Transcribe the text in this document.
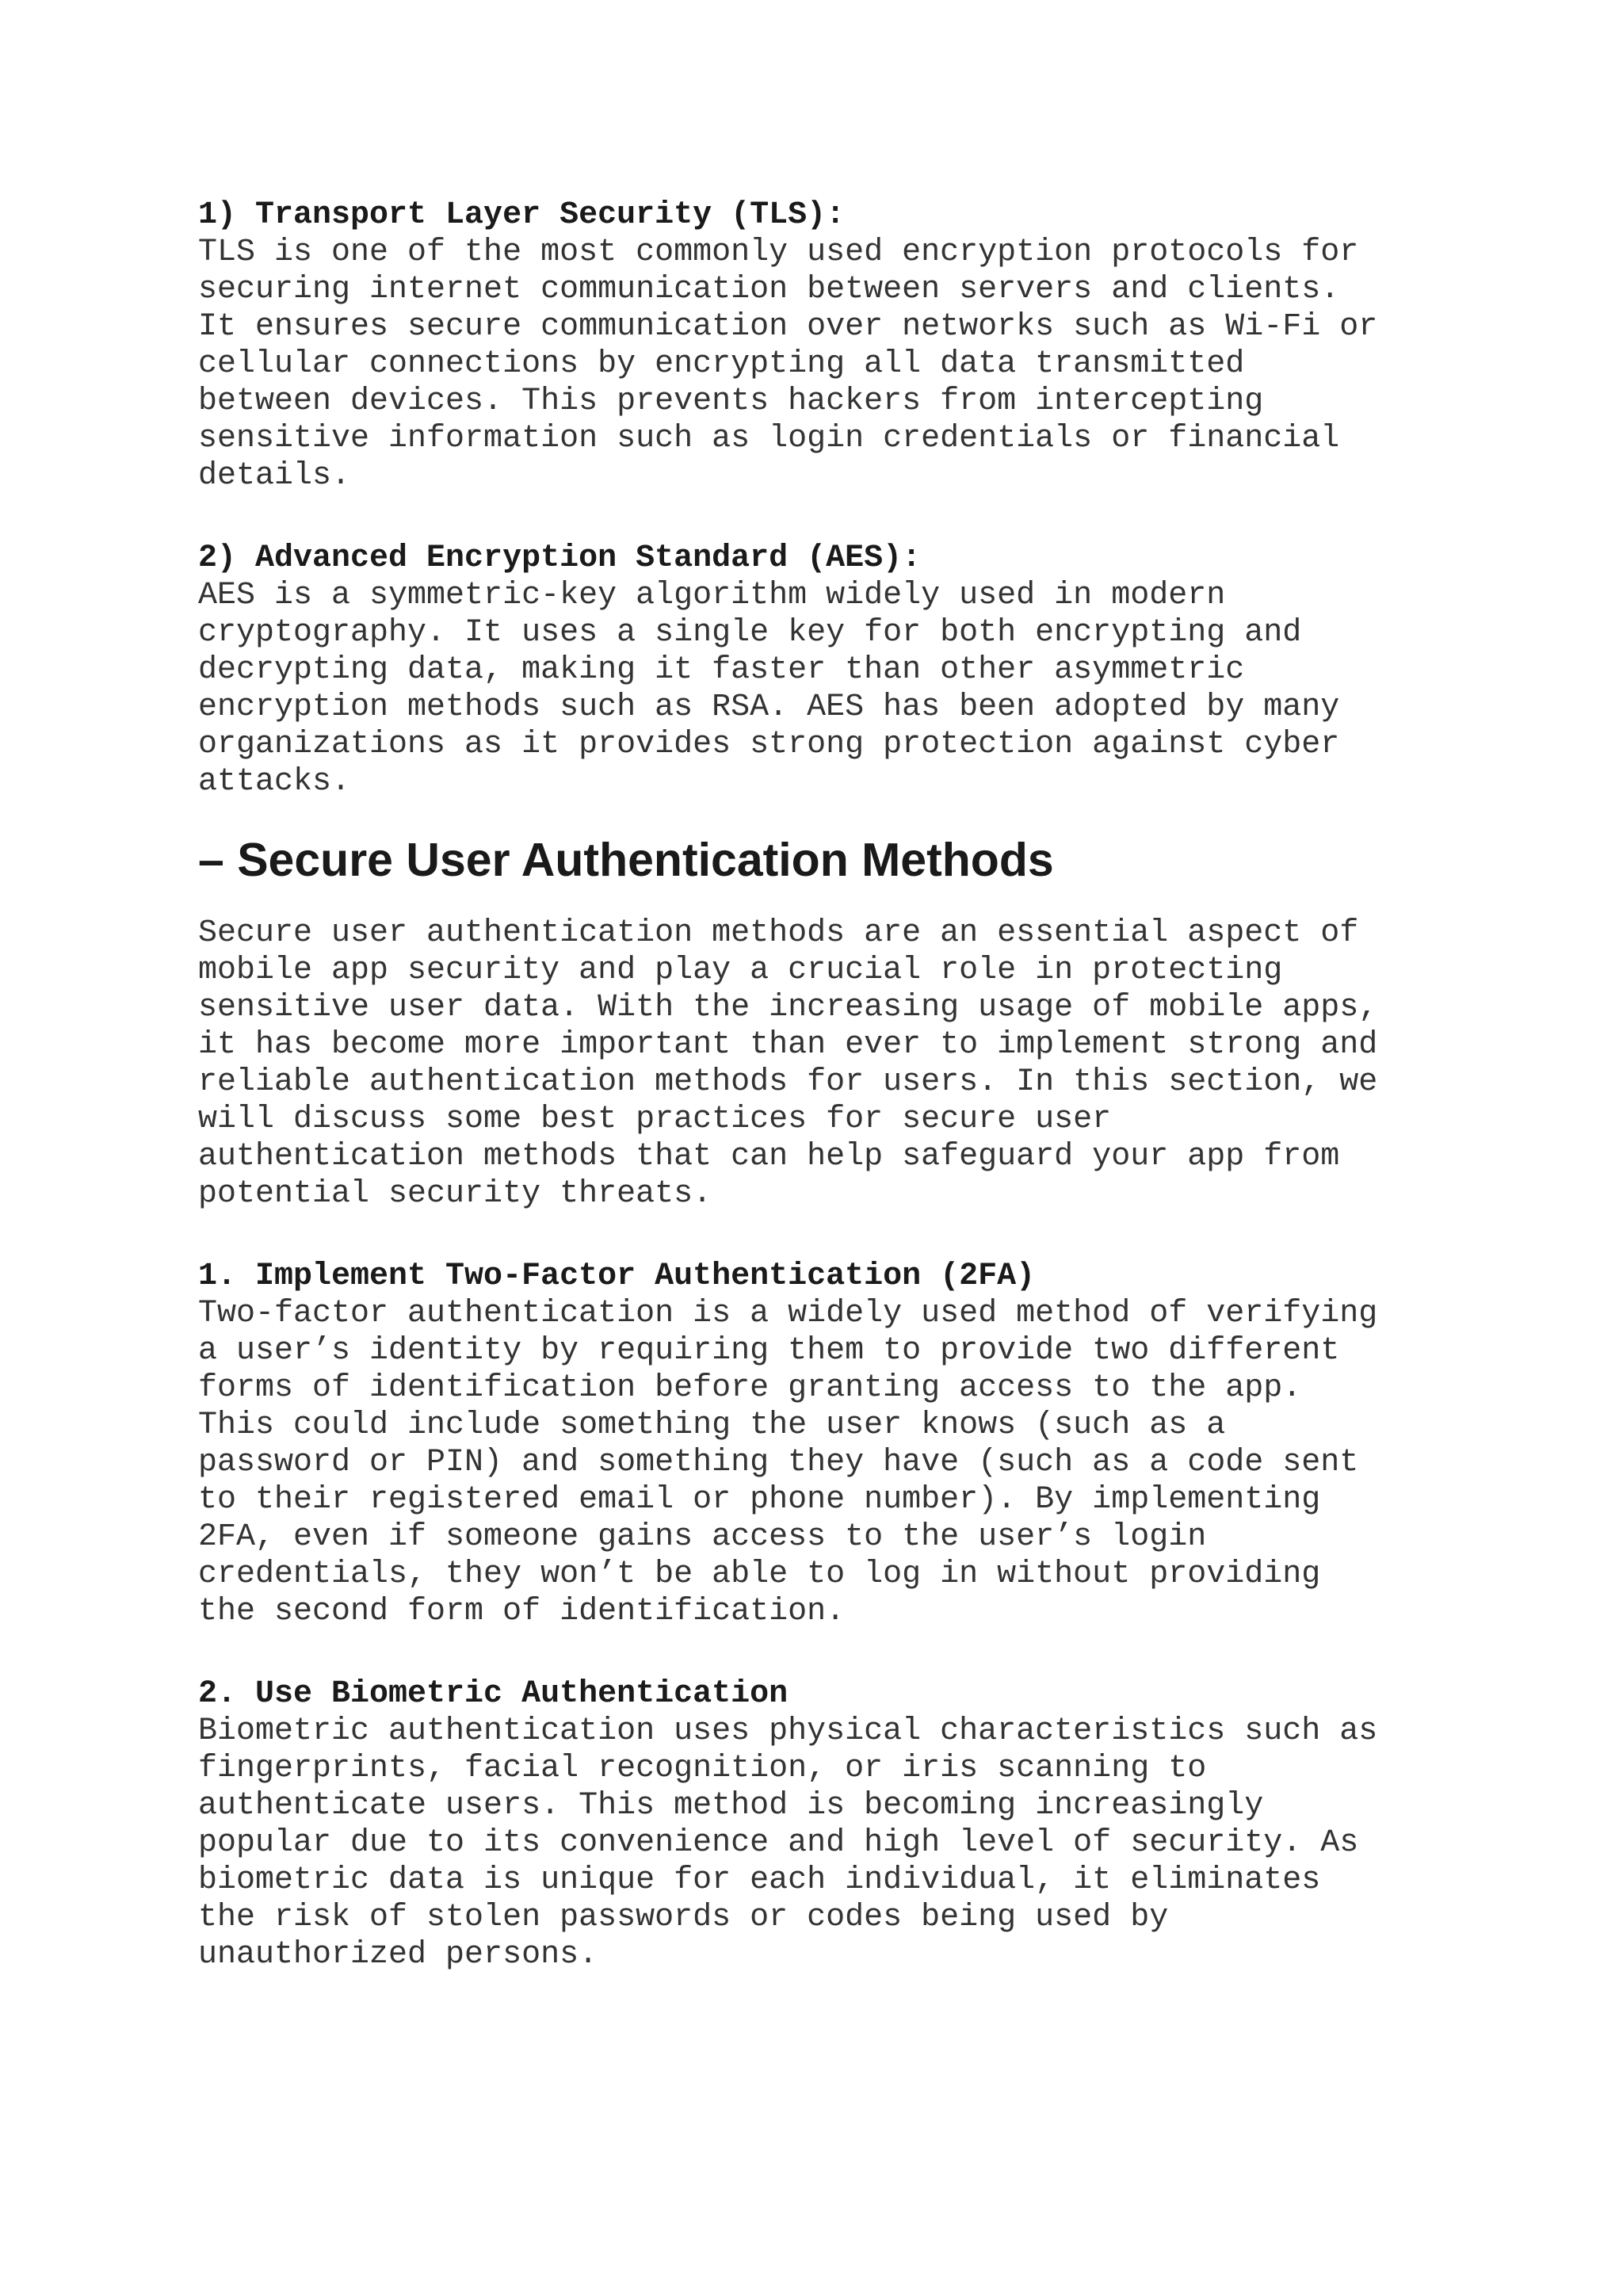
1) Transport Layer Security (TLS):
TLS is one of the most commonly used encryption protocols for
securing internet communication between servers and clients.
It ensures secure communication over networks such as Wi-Fi or
cellular connections by encrypting all data transmitted
between devices. This prevents hackers from intercepting
sensitive information such as login credentials or financial
details.
2) Advanced Encryption Standard (AES):
AES is a symmetric-key algorithm widely used in modern
cryptography. It uses a single key for both encrypting and
decrypting data, making it faster than other asymmetric
encryption methods such as RSA. AES has been adopted by many
organizations as it provides strong protection against cyber
attacks.
– Secure User Authentication Methods
Secure user authentication methods are an essential aspect of
mobile app security and play a crucial role in protecting
sensitive user data. With the increasing usage of mobile apps,
it has become more important than ever to implement strong and
reliable authentication methods for users. In this section, we
will discuss some best practices for secure user
authentication methods that can help safeguard your app from
potential security threats.
1. Implement Two-Factor Authentication (2FA)
Two-factor authentication is a widely used method of verifying
a user’s identity by requiring them to provide two different
forms of identification before granting access to the app.
This could include something the user knows (such as a
password or PIN) and something they have (such as a code sent
to their registered email or phone number). By implementing
2FA, even if someone gains access to the user’s login
credentials, they won’t be able to log in without providing
the second form of identification.
2. Use Biometric Authentication
Biometric authentication uses physical characteristics such as
fingerprints, facial recognition, or iris scanning to
authenticate users. This method is becoming increasingly
popular due to its convenience and high level of security. As
biometric data is unique for each individual, it eliminates
the risk of stolen passwords or codes being used by
unauthorized persons.
